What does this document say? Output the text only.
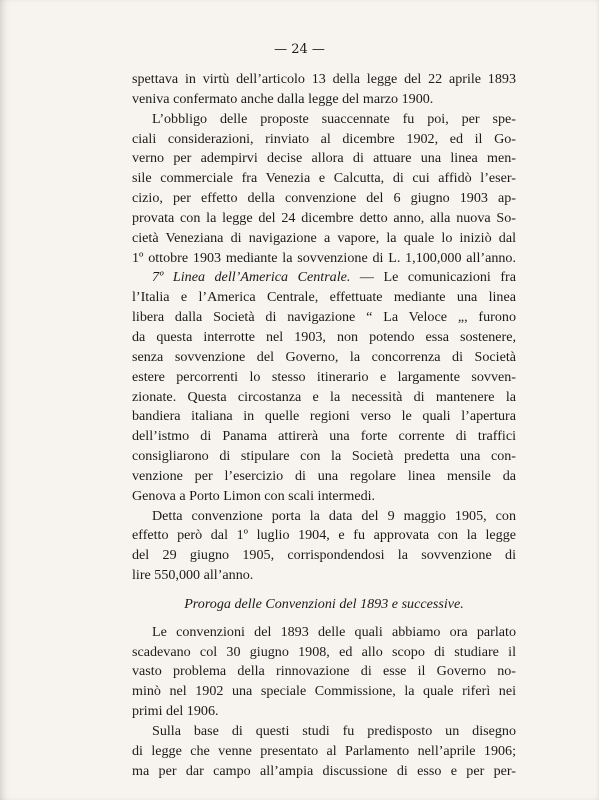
— 24 —
spettava in virtù dell’articolo 13 della legge del 22 aprile 1893
veniva confermato anche dalla legge del marzo 1900.
L’obbligo delle proposte suaccennate fu poi, per spe-
ciali considerazioni, rinviato al dicembre 1902, ed il Go-
verno per adempirvi decise allora di attuare una linea men-
sile commerciale fra Venezia e Calcutta, di cui affidò l’eser-
cizio, per effetto della convenzione del 6 giugno 1903 ap-
provata con la legge del 24 dicembre detto anno, alla nuova So-
cietà Veneziana di navigazione a vapore, la quale lo iniziò dal
1º ottobre 1903 mediante la sovvenzione di L. 1,100,000 all’anno.
7º Linea dell’America Centrale. — Le comunicazioni fra
l’Italia e l’America Centrale, effettuate mediante una linea
libera dalla Società di navigazione “ La Veloce „, furono
da questa interrotte nel 1903, non potendo essa sostenere,
senza sovvenzione del Governo, la concorrenza di Società
estere percorrenti lo stesso itinerario e largamente sovven-
zionate. Questa circostanza e la necessità di mantenere la
bandiera italiana in quelle regioni verso le quali l’apertura
dell’istmo di Panama attirerà una forte corrente di traffici
consigliarono di stipulare con la Società predetta una con-
venzione per l’esercizio di una regolare linea mensile da
Genova a Porto Limon con scali intermedi.
Detta convenzione porta la data del 9 maggio 1905, con
effetto però dal 1º luglio 1904, e fu approvata con la legge
del 29 giugno 1905, corrispondendosi la sovvenzione di
lire 550,000 all’anno.
Proroga delle Convenzioni del 1893 e successive.
Le convenzioni del 1893 delle quali abbiamo ora parlato
scadevano col 30 giugno 1908, ed allo scopo di studiare il
vasto problema della rinnovazione di esse il Governo no-
minò nel 1902 una speciale Commissione, la quale riferì nei
primi del 1906.
Sulla base di questi studi fu predisposto un disegno
di legge che venne presentato al Parlamento nell’aprile 1906;
ma per dar campo all’ampia discussione di esso e per per-
